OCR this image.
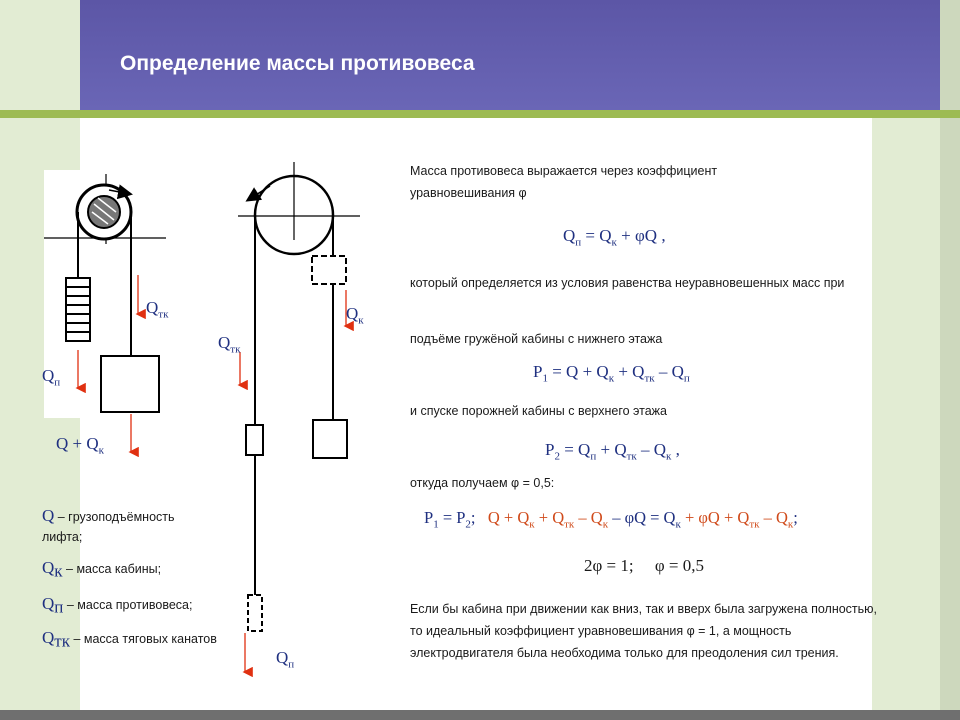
Определение массы противовеса
$Q_{тк}$
$Q_п$
$Q + Q_к$
$Q_к$
$Q_{тк}$
$Q_п$
Q – грузоподъёмность лифта;
$Q_к$ – масса кабины;
$Q_п$ – масса противовеса;
$Q_{тк}$ – масса тяговых канатов

Масса противовеса выражается через коэффициент уравновешивания φ

$Q_п = Q_к + \varphi Q$ ,

который определяется из условия равенства неуравновешенных масс при

подъёме гружёной кабины с нижнего этажа

$P_1 = Q + Q_к + Q_{тк} - Q_п$

и спуске порожней кабины с верхнего этажа

$P_2 = Q_п + Q_{тк} - Q_к$ ,

откуда получаем φ = 0,5:

$P_1 = P_2$; $Q + Q_к + Q_{тк} - Q_к - \varphi Q = Q_к + \varphi Q + Q_{тк} - Q_к$;
2φ = 1;     φ = 0,5

Если бы кабина при движении как вниз, так и вверх была загружена полностью, то идеальный коэффициент уравновешивания φ = 1, а мощность электродвигателя была необходима только для преодоления сил трения.
